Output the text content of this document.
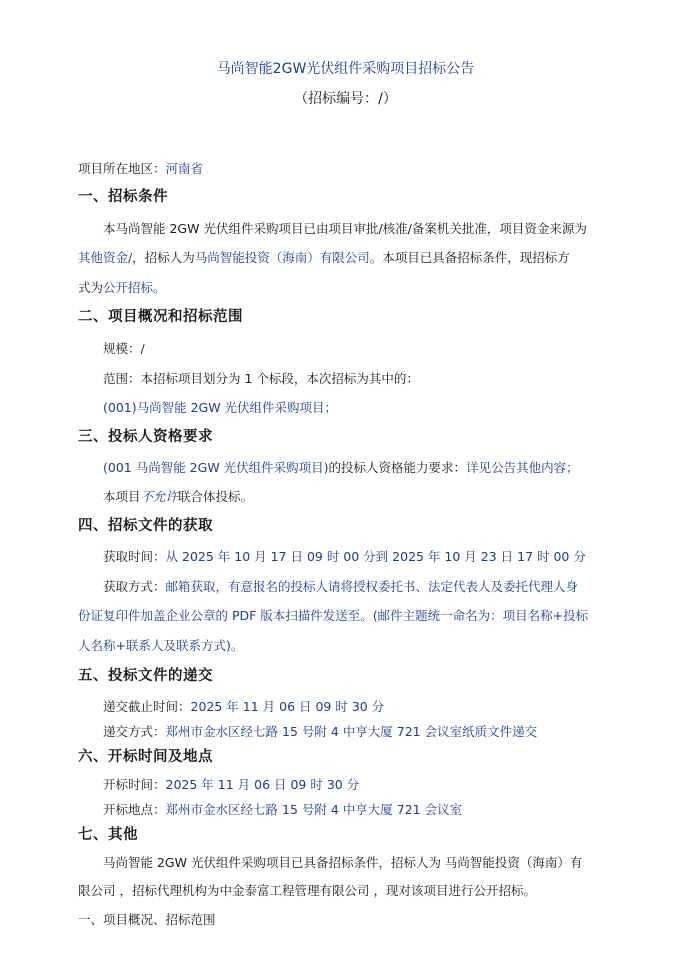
马尚智能2GW光伏组件采购项目招标公告
（招标编号：/）
项目所在地区：河南省
一、招标条件
本马尚智能 2GW 光伏组件采购项目已由项目审批/核准/备案机关批准，项目资金来源为
其他资金/，招标人为马尚智能投资（海南）有限公司。本项目已具备招标条件，现招标方
式为公开招标。
二、项目概况和招标范围
规模：/
范围：本招标项目划分为 1 个标段，本次招标为其中的：
(001)马尚智能 2GW 光伏组件采购项目；
三、投标人资格要求
(001 马尚智能 2GW 光伏组件采购项目)的投标人资格能力要求：详见公告其他内容；
本项目不允许联合体投标。
四、招标文件的获取
获取时间：从 2025 年 10 月 17 日 09 时 00 分到 2025 年 10 月 23 日 17 时 00 分
获取方式：邮箱获取，有意报名的投标人请将授权委托书、法定代表人及委托代理人身
份证复印件加盖企业公章的 PDF 版本扫描件发送至。(邮件主题统一命名为：项目名称+投标
人名称+联系人及联系方式)。
五、投标文件的递交
递交截止时间：2025 年 11 月 06 日 09 时 30 分
递交方式：郑州市金水区经七路 15 号附 4 中亨大厦 721 会议室纸质文件递交
六、开标时间及地点
开标时间：2025 年 11 月 06 日 09 时 30 分
开标地点：郑州市金水区经七路 15 号附 4 中亨大厦 721 会议室
七、其他
马尚智能 2GW 光伏组件采购项目已具备招标条件，招标人为 马尚智能投资（海南）有
限公司 ，招标代理机构为中金泰富工程管理有限公司 ，现对该项目进行公开招标。
一、项目概况、招标范围
